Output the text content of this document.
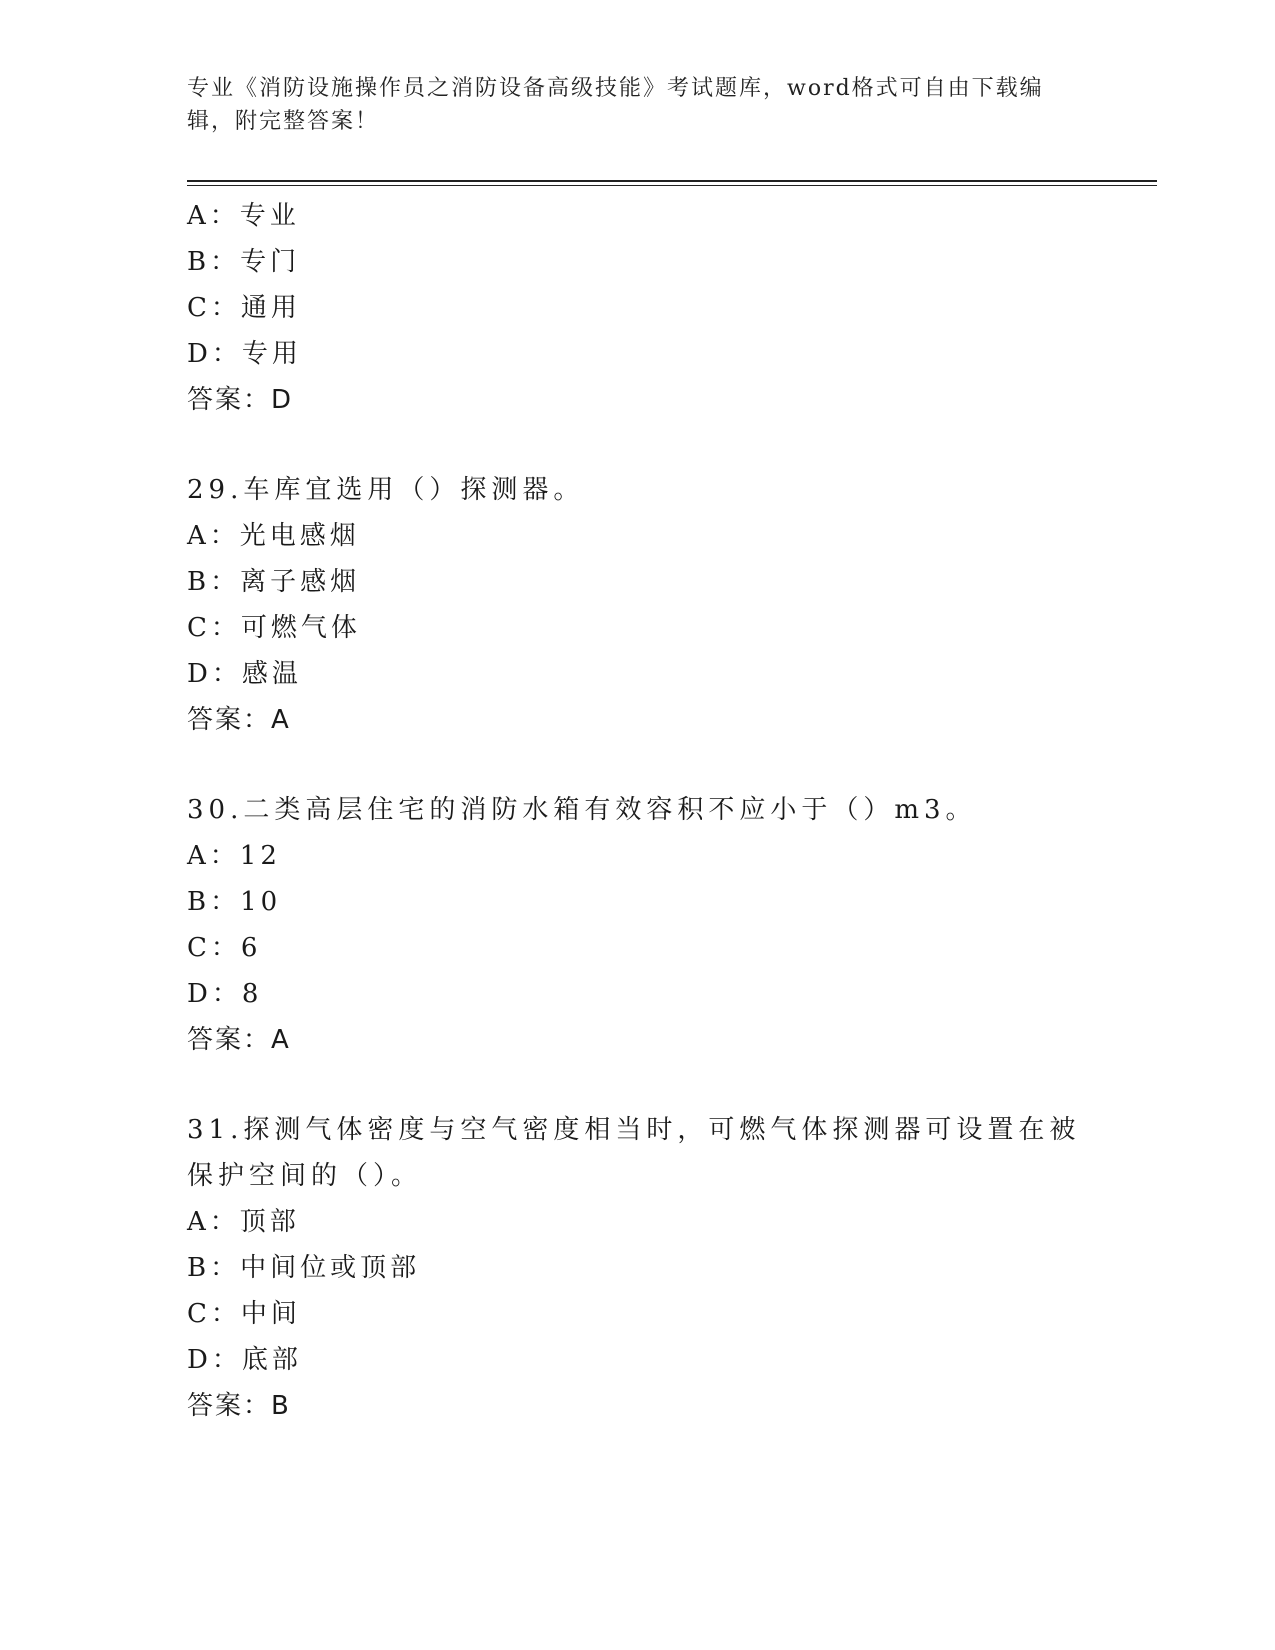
专业《消防设施操作员之消防设备高级技能》考试题库，word格式可自由下载编辑，附完整答案！
A：专业
B：专门
C：通用
D：专用
答案：D
29.车库宜选用（）探测器。
A：光电感烟
B：离子感烟
C：可燃气体
D：感温
答案：A
30.二类高层住宅的消防水箱有效容积不应小于（）m3。
A：12
B：10
C：6
D：8
答案：A
31.探测气体密度与空气密度相当时，可燃气体探测器可设置在被保护空间的（）。
A：顶部
B：中间位或顶部
C：中间
D：底部
答案：B
